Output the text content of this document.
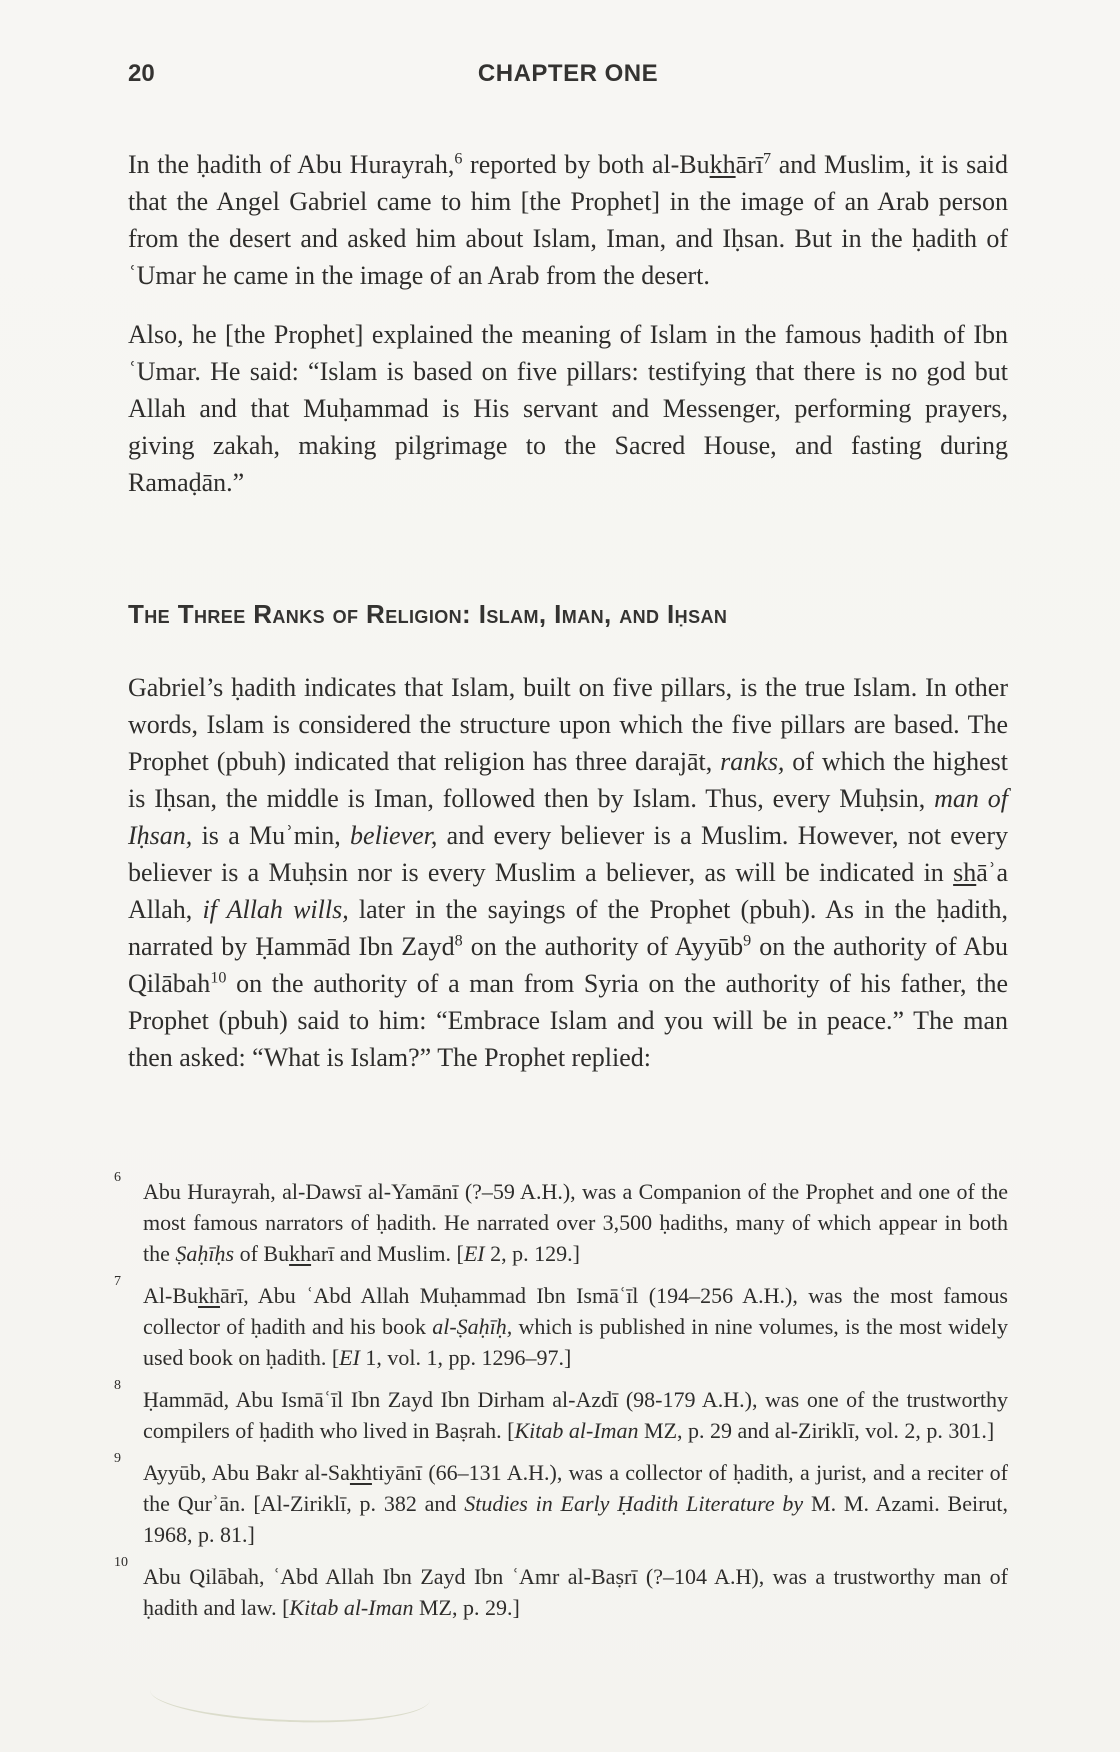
20	CHAPTER ONE

In the ḥadith of Abu Hurayrah,$^6$ reported by both al-Bukhārī$^7$ and Muslim, it is said that the Angel Gabriel came to him [the Prophet] in the image of an Arab person from the desert and asked him about Islam, Iman, and Iḥsan. But in the ḥadith of ʿUmar he came in the image of an Arab from the desert.

Also, he [the Prophet] explained the meaning of Islam in the famous ḥadith of Ibn ʿUmar. He said: “Islam is based on five pillars: testifying that there is no god but Allah and that Muḥammad is His servant and Messenger, performing prayers, giving zakah, making pilgrimage to the Sacred House, and fasting during Ramaḍān.”

The Three Ranks of Religion: Islam, Iman, and Iḥsan

Gabriel’s ḥadith indicates that Islam, built on five pillars, is the true Islam. In other words, Islam is considered the structure upon which the five pillars are based. The Prophet (pbuh) indicated that religion has three darajāt, ranks, of which the highest is Iḥsan, the middle is Iman, followed then by Islam. Thus, every Muḥsin, man of Iḥsan, is a Muʾmin, believer, and every believer is a Muslim. However, not every believer is a Muḥsin nor is every Muslim a believer, as will be indicated in shāʾa Allah, if Allah wills, later in the sayings of the Prophet (pbuh). As in the ḥadith, narrated by Ḥammād Ibn Zayd$^8$ on the authority of Ayyūb$^9$ on the authority of Abu Qilābah$^{10}$ on the authority of a man from Syria on the authority of his father, the Prophet (pbuh) said to him: “Embrace Islam and you will be in peace.” The man then asked: “What is Islam?” The Prophet replied:

6
Abu Hurayrah, al-Dawsī al-Yamānī (?–59 A.H.), was a Companion of the Prophet and one of the most famous narrators of ḥadith. He narrated over 3,500 ḥadiths, many of which appear in both the Ṣaḥīḥs of Bukharī and Muslim. [EI 2, p. 129.]
7
Al-Bukhārī, Abu ʿAbd Allah Muḥammad Ibn Ismāʿīl (194–256 A.H.), was the most famous collector of ḥadith and his book al-Ṣaḥīḥ, which is published in nine volumes, is the most widely used book on ḥadith. [EI 1, vol. 1, pp. 1296–97.]
8
Ḥammād, Abu Ismāʿīl Ibn Zayd Ibn Dirham al-Azdī (98-179 A.H.), was one of the trustworthy compilers of ḥadith who lived in Baṣrah. [Kitab al-Iman MZ, p. 29 and al-Ziriklī, vol. 2, p. 301.]
9
Ayyūb, Abu Bakr al-Sakhtiyānī (66–131 A.H.), was a collector of ḥadith, a jurist, and a reciter of the Qurʾān. [Al-Ziriklī, p. 382 and Studies in Early Ḥadith Literature by M. M. Azami. Beirut, 1968, p. 81.]
10
Abu Qilābah, ʿAbd Allah Ibn Zayd Ibn ʿAmr al-Baṣrī (?–104 A.H), was a trustworthy man of ḥadith and law. [Kitab al-Iman MZ, p. 29.]
